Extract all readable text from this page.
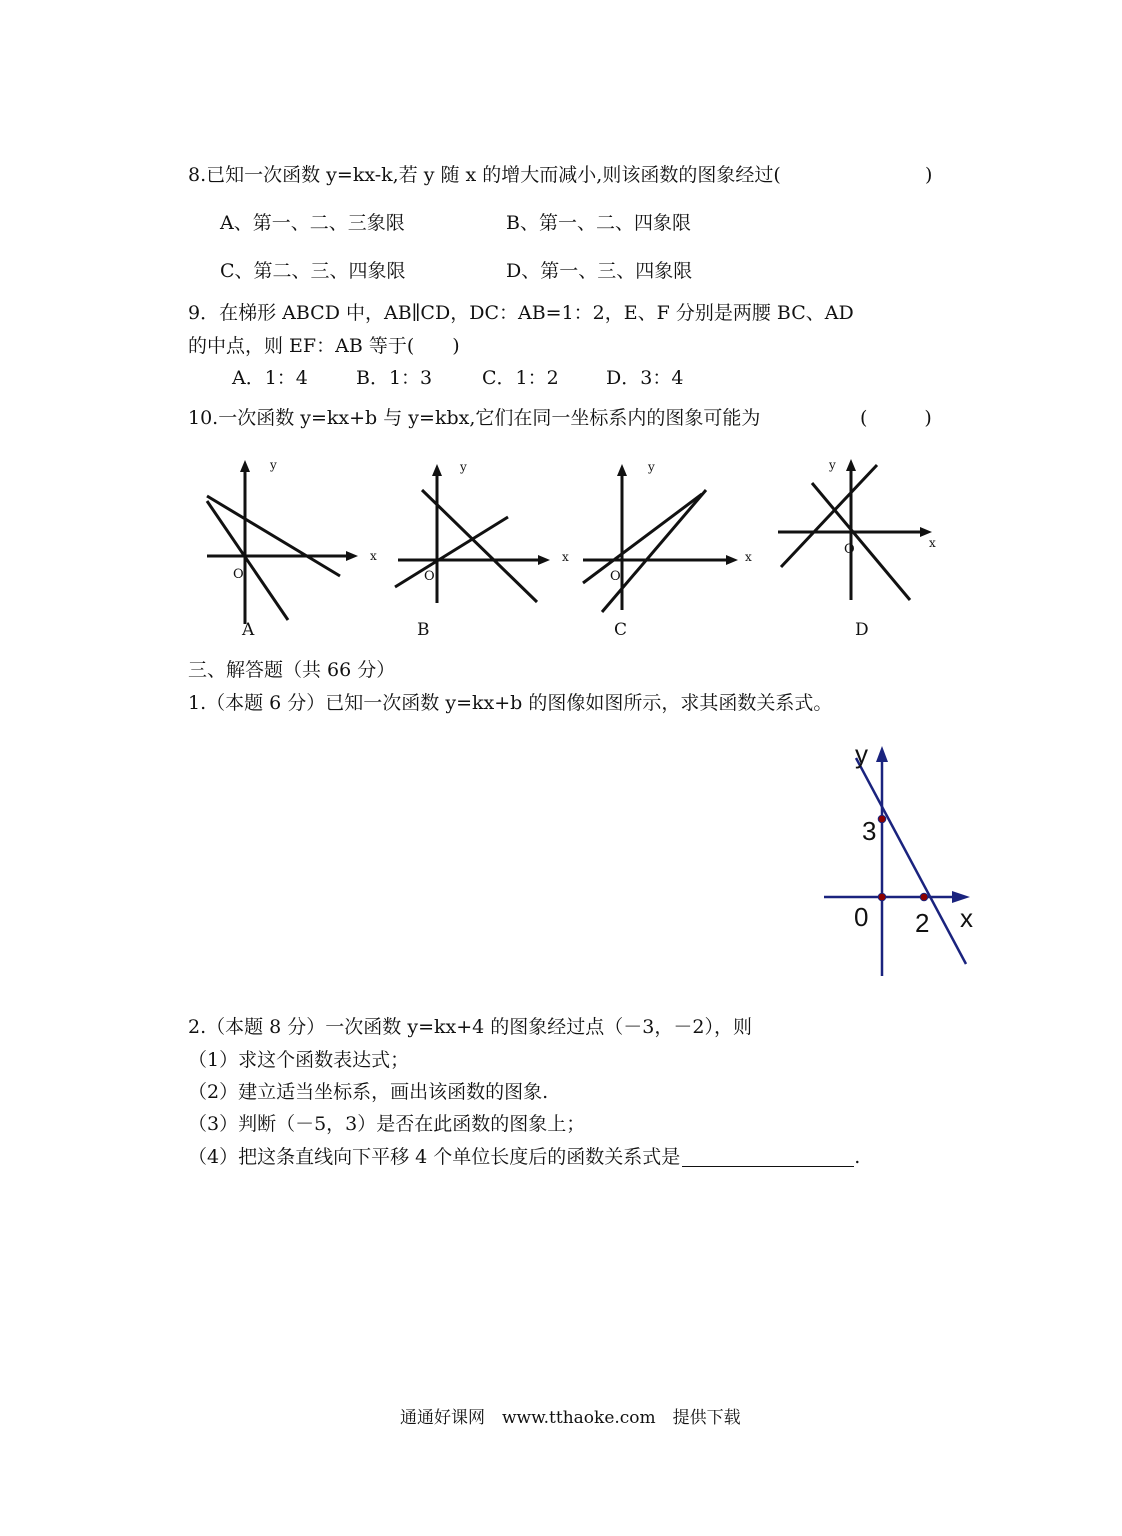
8.已知一次函数 y=kx-k,若 y 随 x 的增大而减小,则该函数的图象经过(	)
A、第一、二、三象限	B、第一、二、四象限
C、第二、三、四象限	D、第一、三、四象限
9．在梯形 ABCD 中，AB∥CD，DC：AB=1：2，E、F 分别是两腰 BC、AD
的中点，则 EF：AB 等于(　　)
A．1：4	B．1：3	C．1：2 D．3：4
10.一次函数 y=kx+b 与 y=kbx,它们在同一坐标系内的图象可能为	(　　　)
y
x
O
A
y
x
O
B
y
x
O
C
y
x
O
D
三、解答题（共 66 分）
1.（本题 6 分）已知一次函数 y=kx+b 的图像如图所示，求其函数关系式。
y
x
3
0 2
2.（本题 8 分）一次函数 y=kx+4 的图象经过点（－3，－2），则
（1）求这个函数表达式；
（2）建立适当坐标系，画出该函数的图象.
（3）判断（－5，3）是否在此函数的图象上；
（4）把这条直线向下平移 4 个单位长度后的函数关系式是	.
通通好课网　www.tthaoke.com　提供下载
